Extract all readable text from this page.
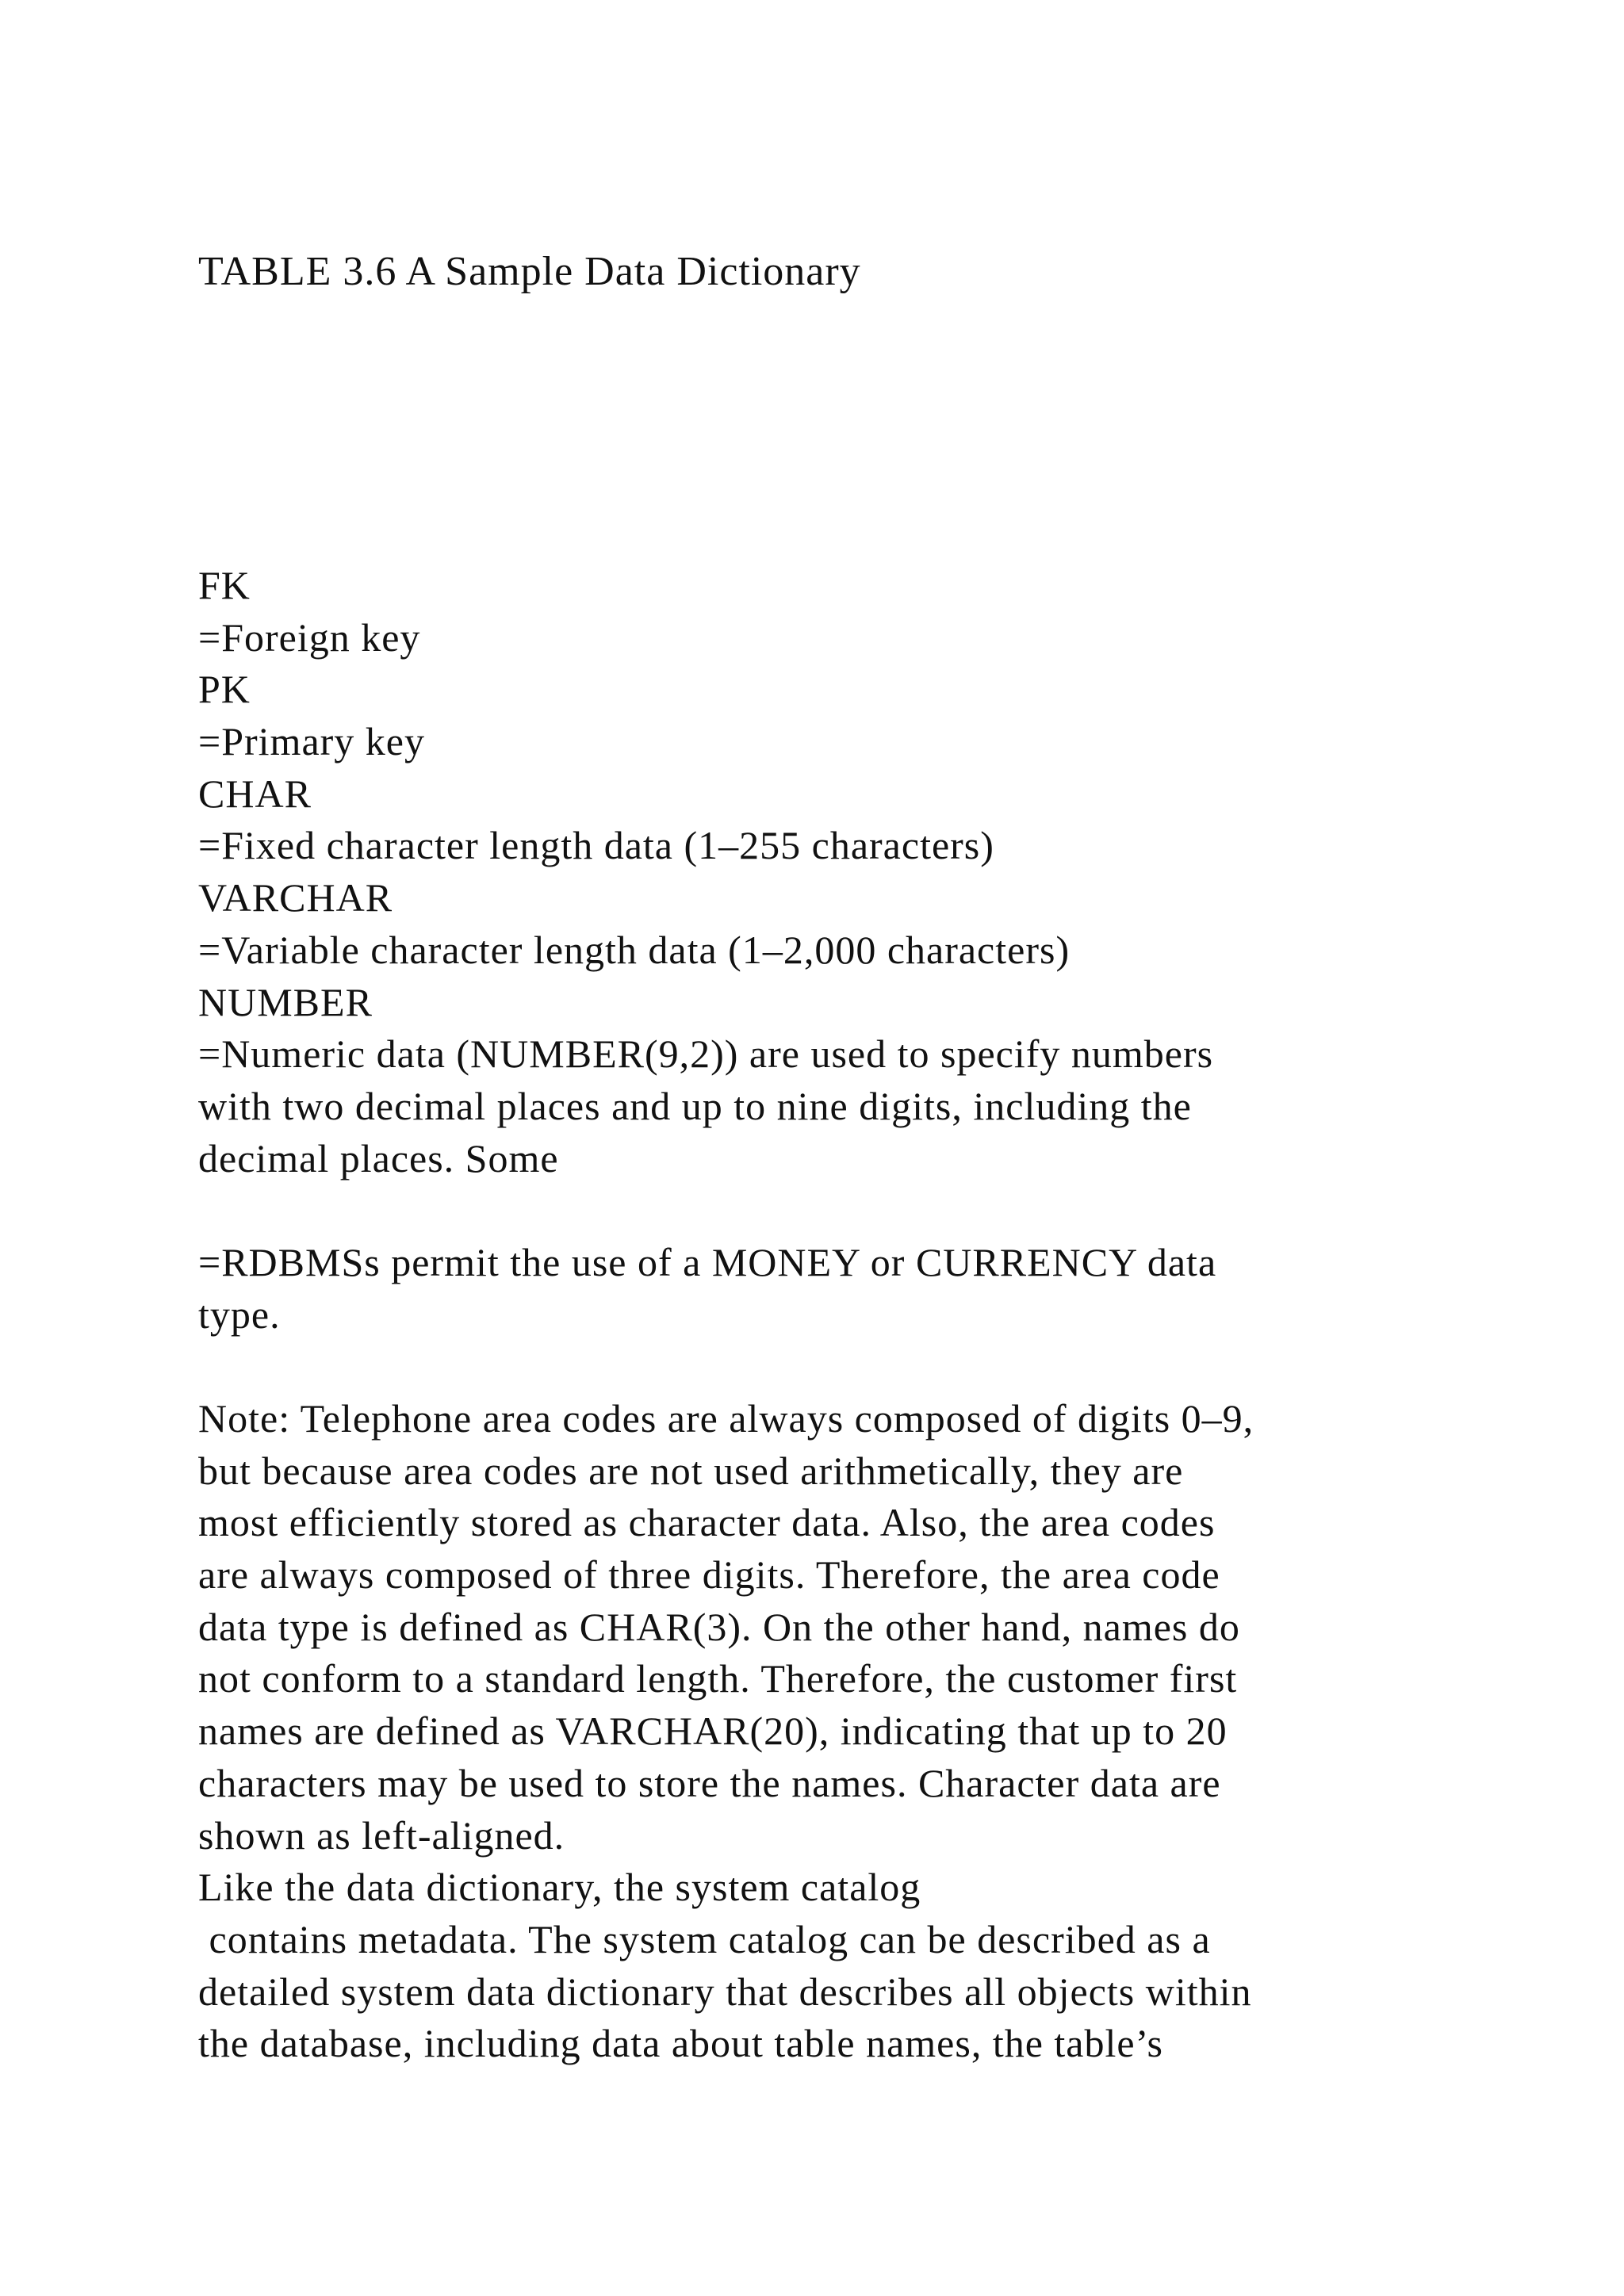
TABLE 3.6 A Sample Data Dictionary
FK
=Foreign key
PK
=Primary key
CHAR
=Fixed character length data (1–255 characters)
VARCHAR
=Variable character length data (1–2,000 characters)
NUMBER
=Numeric data (NUMBER(9,2)) are used to specify numbers
with two decimal places and up to nine digits, including the
decimal places. Some
=RDBMSs permit the use of a MONEY or CURRENCY data
type.
Note: Telephone area codes are always composed of digits 0–9,
but because area codes are not used arithmetically, they are
most efficiently stored as character data. Also, the area codes
are always composed of three digits. Therefore, the area code
data type is defined as CHAR(3). On the other hand, names do
not conform to a standard length. Therefore, the customer first
names are defined as VARCHAR(20), indicating that up to 20
characters may be used to store the names. Character data are
shown as left-aligned.
Like the data dictionary, the system catalog
contains metadata. The system catalog can be described as a
detailed system data dictionary that describes all objects within
the database, including data about table names, the table’s
